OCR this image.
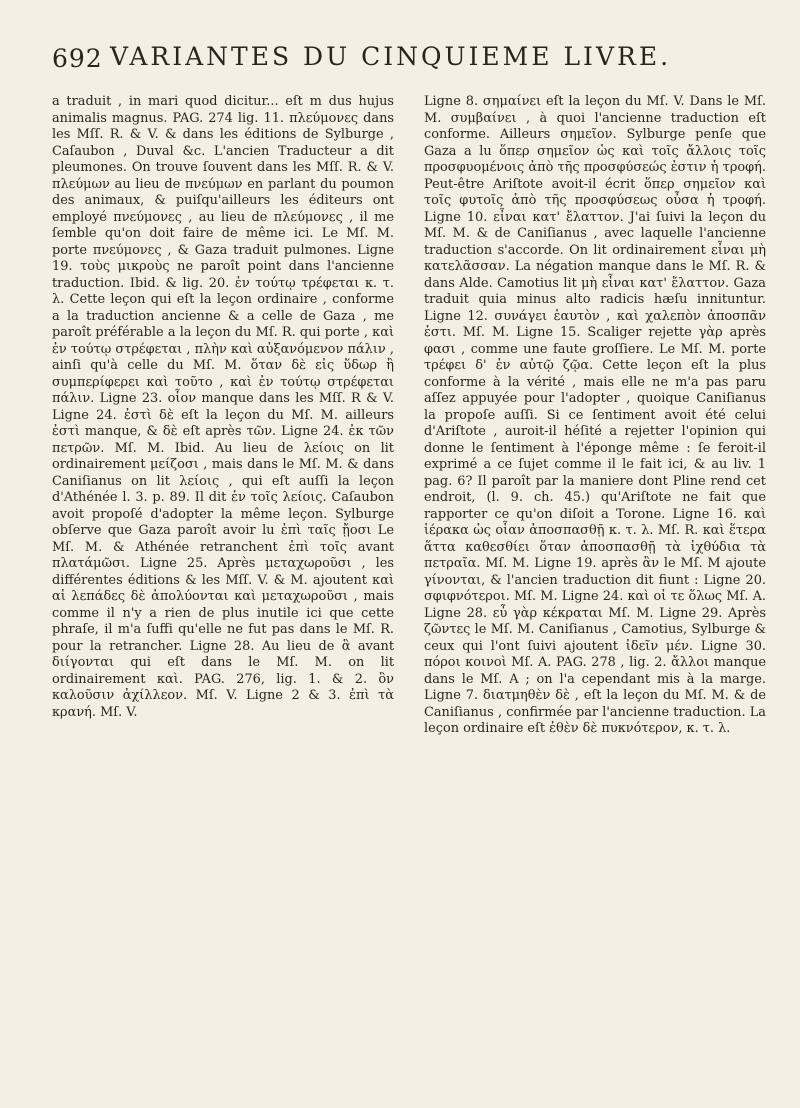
692 VARIANTES DU CINQUIEME LIVRE.

a traduit , in mari quod dicitur... eſt m dus hujus animalis magnus. PAG. 274 lig. 11. πλεύμονες dans les Mſſ. R. & V. & dans les éditions de Sylburge , Caſaubon , Duval &c. L'ancien Traducteur a dit pleumones. On trouve ſouvent dans les Mſſ. R. & V. πλεύμων au lieu de πνεύμων en parlant du poumon des animaux, & puiſqu'ailleurs les éditeurs ont employé πνεύμονες , au lieu de πλεύμονες , il me ſemble qu'on doit faire de même ici. Le Mſ. M. porte πνεύμονες , & Gaza traduit pulmones. Ligne 19. τοὺς μικροὺς ne paroît point dans l'ancienne traduction. Ibid. & lig. 20. ἐν τούτῳ τρέφεται κ. τ. λ. Cette leçon qui eſt la leçon ordinaire , conforme a la traduction ancienne & a celle de Gaza , me paroît préférable a la leçon du Mſ. R. qui porte , καὶ ἐν τούτῳ στρέφεται , πλὴν καὶ αὐξανόμενον πάλιν , ainſi qu'à celle du Mſ. M. ὅταν δὲ εἰς ὕδωρ ἢ συμπερίφερει καὶ τοῦτο , καὶ ἐν τούτῳ στρέφεται πάλιν. Ligne 23. οἷον manque dans les Mſſ. R & V. Ligne 24. ἐστὶ δὲ eſt la leçon du Mſ. M. ailleurs ἐστὶ manque, & δὲ eſt après τῶν. Ligne 24. ἐκ τῶν πετρῶν. Mſ. M. Ibid. Au lieu de λείοις on lit ordinairement μείζοσι , mais dans le Mſ. M. & dans Caniſianus on lit λείοις , qui eſt auſſi la leçon d'Athénée l. 3. p. 89. Il dit ἐν τοῖς λείοις. Caſaubon avoit propoſé d'adopter la même leçon. Sylburge obſerve que Gaza paroît avoir lu ἐπὶ ταῖς ᾔοσι Le Mſ. M. & Athénée retranchent ἐπὶ τοῖς avant πλατάμῶσι. Ligne 25. Après μεταχωροῦσι , les différentes éditions & les Mſſ. V. & M. ajoutent καὶ αἱ λεπάδες δὲ ἀπολύονται καὶ μεταχωροῦσι , mais comme il n'y a rien de plus inutile ici que cette phraſe, il m'a ſuffi qu'elle ne fut pas dans le Mſ. R. pour la retrancher. Ligne 28. Au lieu de ἃ avant διίγονται qui eſt dans le Mſ. M. on lit ordinairement καὶ. PAG. 276, lig. 1. & 2. ὃν καλοῦσιν ἀχίλλεον. Mſ. V. Ligne 2 & 3. ἐπὶ τὰ κρανή. Mſ. V.

Ligne 8. σημαίνει eſt la leçon du Mſ. V. Dans le Mſ. M. συμβαίνει , à quoi l'ancienne traduction eſt conforme. Ailleurs σημεῖον. Sylburge penſe que Gaza a lu ὅπερ σημεῖον ὡς καὶ τοῖς ἄλλοις τοῖς προσφυομένοις ἀπὸ τῆς προσφύσεώς ἐστιν ἡ τροφή. Peut-être Ariſtote avoit-il écrit ὅπερ σημεῖον καὶ τοῖς φυτοῖς ἀπὸ τῆς προσφύσεως οὖσα ἡ τροφή. Ligne 10. εἶναι κατ' ἔλαττον. J'ai ſuivi la leçon du Mſ. M. & de Caniſianus , avec laquelle l'ancienne traduction s'accorde. On lit ordinairement εἶναι μὴ κατελᾶσσαν. La négation manque dans le Mſ. R. & dans Alde. Camotius lit μὴ εἶναι κατ' ἔλαττον. Gaza traduit quia minus alto radicis hæſu innituntur. Ligne 12. συνάγει ἑαυτὸν , καὶ χαλεπὸν ἀποσπᾶν ἐστι. Mſ. M. Ligne 15. Scaliger rejette γὰρ après φασι , comme une faute groſſiere. Le Mſ. M. porte τρέφει δ' ἐν αὐτῷ ζῷα. Cette leçon eſt la plus conforme à la vérité , mais elle ne m'a pas paru aſſez appuyée pour l'adopter , quoique Caniſianus la propoſe auſſi. Si ce ſentiment avoit été celui d'Ariſtote , auroit-il héſité a rejetter l'opinion qui donne le ſentiment à l'éponge même : ſe feroit-il exprimé a ce ſujet comme il le fait ici, & au liv. 1 pag. 6? Il paroît par la maniere dont Pline rend cet endroit, (l. 9. ch. 45.) qu'Ariſtote ne fait que rapporter ce qu'on diſoit a Torone. Ligne 16. καὶ ἱέρακα ὡς οἷαν ἀποσπασθῇ κ. τ. λ. Mſ. R. καὶ ἕτερα ἅττα καθεσθίει ὅταν ἀποσπασθῇ τὰ ἰχθύδια τὰ πετραῖα. Mſ. M. Ligne 19. après ἂν le Mſ. M ajoute γίνονται, & l'ancien traduction dit fiunt : Ligne 20. σφιφνότεροι. Mſ. M. Ligne 24. καὶ οἱ τε ὅλως Mſ. A. Ligne 28. εὖ γὰρ κέκραται Mſ. M. Ligne 29. Après ζῶντες le Mſ. M. Caniſianus , Camotius, Sylburge & ceux qui l'ont ſuivi ajoutent ἰδεῖν μέν. Ligne 30. πόροι κοινοὶ Mſ. A. PAG. 278 , lig. 2. ἄλλοι manque dans le Mſ. A ; on l'a cependant mis à la marge. Ligne 7. διατμηθὲν δὲ , eſt la leçon du Mſ. M. & de Caniſianus , confirmée par l'ancienne traduction. La leçon ordinaire eſt ἐθὲν δὲ πυκνότερον, κ. τ. λ.
